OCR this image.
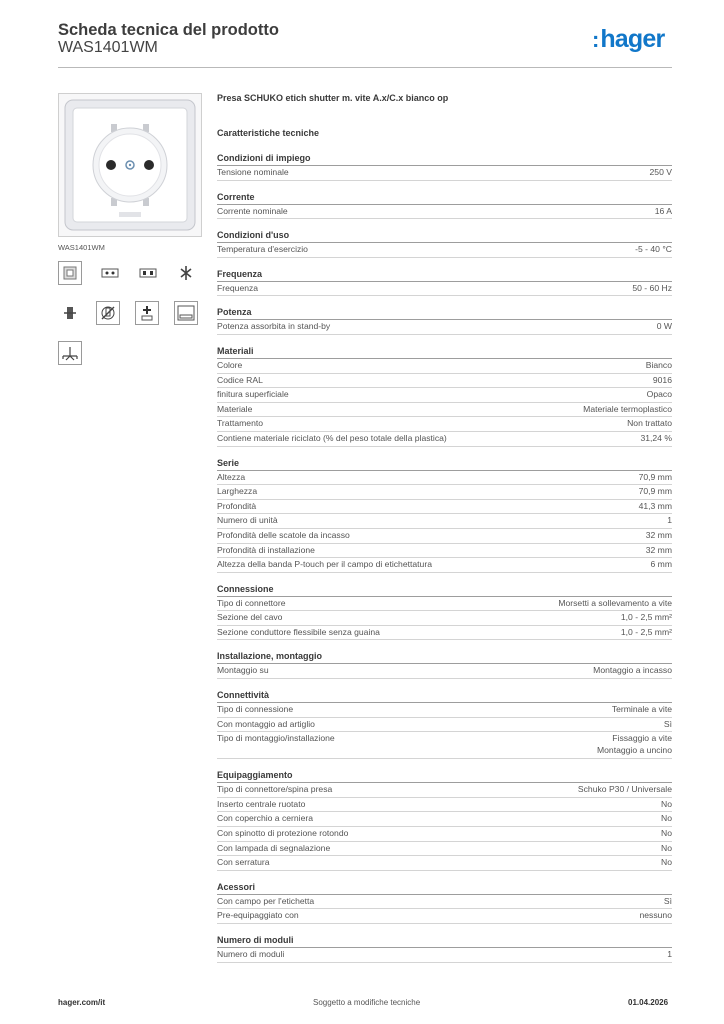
Scheda tecnica del prodotto
WAS1401WM	:hager
WAS1401WM
Presa SCHUKO etich shutter m. vite A.x/C.x bianco op
Caratteristiche tecniche
Condizioni di impiego
Tensione nominale	250 V
Corrente
Corrente nominale	16 A
Condizioni d'uso
Temperatura d'esercizio	-5 - 40 °C
Frequenza
Frequenza	50 - 60 Hz
Potenza
Potenza assorbita in stand-by	0 W
Materiali
Colore	Bianco
Codice RAL	9016
finitura superficiale	Opaco
Materiale	Materiale termoplastico
Trattamento	Non trattato
Contiene materiale riciclato (% del peso totale della plastica)	31,24 %
Serie
Altezza	70,9 mm
Larghezza	70,9 mm
Profondità	41,3 mm
Numero di unità	1
Profondità delle scatole da incasso	32 mm
Profondità di installazione	32 mm
Altezza della banda P-touch per il campo di etichettatura	6 mm
Connessione
Tipo di connettore	Morsetti a sollevamento a vite
Sezione del cavo	1,0 - 2,5 mm²
Sezione conduttore flessibile senza guaina	1,0 - 2,5 mm²
Installazione, montaggio
Montaggio su	Montaggio a incasso
Connettività
Tipo di connessione	Terminale a vite
Con montaggio ad artiglio	Sì
Tipo di montaggio/installazione	Fissaggio a vite
Montaggio a uncino
Equipaggiamento
Tipo di connettore/spina presa	Schuko P30 / Universale
Inserto centrale ruotato	No
Con coperchio a cerniera	No
Con spinotto di protezione rotondo	No
Con lampada di segnalazione	No
Con serratura	No
Acessori
Con campo per l'etichetta	Sì
Pre-equipaggiato con	nessuno
Numero di moduli
Numero di moduli	1
hager.com/it	Soggetto a modifiche tecniche	01.04.2026
